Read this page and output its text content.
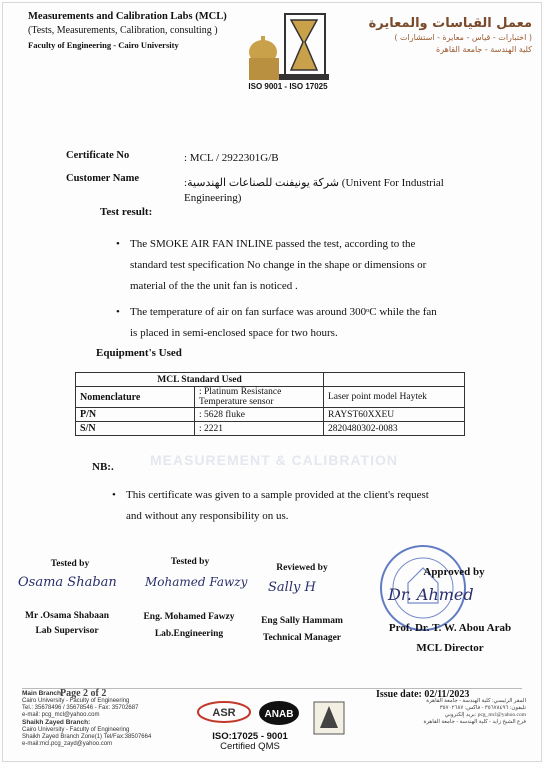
Measurements and Calibration Labs (MCL)
(Tests, Measurements, Calibration, consulting )
Faculty of Engineering - Cairo University
ISO 9001 - ISO 17025
معمل القياسات والمعايرة
( اختبارات - قياس - معايرة - استشارات )
كلية الهندسة - جامعة القاهرة
MEASUREMENT & CALIBRATION
Certificate No	: MCL / 2922301G/B
Customer Name	:شركة يونيفنت للصناعات الهندسية (Univent For Industrial
Engineering)
Test result:
• The SMOKE AIR FAN INLINE passed the test, according to the
standard test specification No change in the shape or dimensions or
material of the the unit fan is noticed .
• The temperature of air on fan surface was around 300ᵒC while the fan
is placed in semi-enclosed space for two hours.
Equipment's Used
MCL Standard Used		
Nomenclature	: Platinum Resistance Temperature sensor	Laser point model Haytek
P/N	: 5628 fluke	RAYST60XXEU
S/N	: 2221	2820480302-0083
NB:.
• This certificate was given to a sample provided at the client's request
and without any responsibility on us.
Tested by
Osama Shaban
Mr .Osama Shabaan
Lab Supervisor
Tested by
Mohamed Fawzy
Eng. Mohamed Fawzy
Lab.Engineering
Reviewed by
Sally H
Eng Sally Hammam
Technical Manager
Approved by
Dr. Ahmed
Prof. Dr. T. W. Abou Arab
MCL Director
Main Branch:
Cairo University - Faculty of Engineering
Tel.: 35678496 / 35678546 - Fax: 35702687
e-mail: pcg_mcl@yahoo.com
Shaikh Zayed Branch:
Cairo University - Faculty of Engineering
Shaikh Zayed Branch Zone(1) Tel/Fax:38507664
e-mail:mcl.pcg_zayd@yahoo.com
Page 2 of 2
ASR	ANAB
ISO:17025 - 9001
Certified QMS
Issue date: 02/11/2023
المقر الرئيسي: كلية الهندسة - جامعة القاهرة
تليفون: ٣٥٦٧٨٤٩٦ - فاكس: ٣٥٧٠٢٦٨٧
pcg_mcl@yahoo.com :بريد إلكتروني
فرع الشيخ زايد - كلية الهندسة - جامعة القاهرة
